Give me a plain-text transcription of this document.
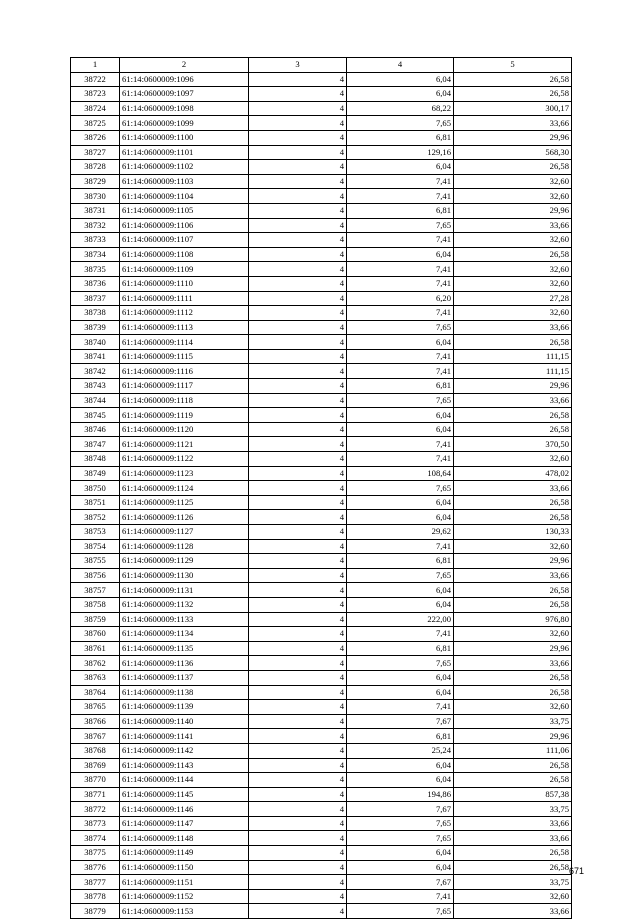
1	2	3	4	5
38722	61:14:0600009:1096	4	6,04	26,58
38723	61:14:0600009:1097	4	6,04	26,58
38724	61:14:0600009:1098	4	68,22	300,17
38725	61:14:0600009:1099	4	7,65	33,66
38726	61:14:0600009:1100	4	6,81	29,96
38727	61:14:0600009:1101	4	129,16	568,30
38728	61:14:0600009:1102	4	6,04	26,58
38729	61:14:0600009:1103	4	7,41	32,60
38730	61:14:0600009:1104	4	7,41	32,60
38731	61:14:0600009:1105	4	6,81	29,96
38732	61:14:0600009:1106	4	7,65	33,66
38733	61:14:0600009:1107	4	7,41	32,60
38734	61:14:0600009:1108	4	6,04	26,58
38735	61:14:0600009:1109	4	7,41	32,60
38736	61:14:0600009:1110	4	7,41	32,60
38737	61:14:0600009:1111	4	6,20	27,28
38738	61:14:0600009:1112	4	7,41	32,60
38739	61:14:0600009:1113	4	7,65	33,66
38740	61:14:0600009:1114	4	6,04	26,58
38741	61:14:0600009:1115	4	7,41	111,15
38742	61:14:0600009:1116	4	7,41	111,15
38743	61:14:0600009:1117	4	6,81	29,96
38744	61:14:0600009:1118	4	7,65	33,66
38745	61:14:0600009:1119	4	6,04	26,58
38746	61:14:0600009:1120	4	6,04	26,58
38747	61:14:0600009:1121	4	7,41	370,50
38748	61:14:0600009:1122	4	7,41	32,60
38749	61:14:0600009:1123	4	108,64	478,02
38750	61:14:0600009:1124	4	7,65	33,66
38751	61:14:0600009:1125	4	6,04	26,58
38752	61:14:0600009:1126	4	6,04	26,58
38753	61:14:0600009:1127	4	29,62	130,33
38754	61:14:0600009:1128	4	7,41	32,60
38755	61:14:0600009:1129	4	6,81	29,96
38756	61:14:0600009:1130	4	7,65	33,66
38757	61:14:0600009:1131	4	6,04	26,58
38758	61:14:0600009:1132	4	6,04	26,58
38759	61:14:0600009:1133	4	222,00	976,80
38760	61:14:0600009:1134	4	7,41	32,60
38761	61:14:0600009:1135	4	6,81	29,96
38762	61:14:0600009:1136	4	7,65	33,66
38763	61:14:0600009:1137	4	6,04	26,58
38764	61:14:0600009:1138	4	6,04	26,58
38765	61:14:0600009:1139	4	7,41	32,60
38766	61:14:0600009:1140	4	7,67	33,75
38767	61:14:0600009:1141	4	6,81	29,96
38768	61:14:0600009:1142	4	25,24	111,06
38769	61:14:0600009:1143	4	6,04	26,58
38770	61:14:0600009:1144	4	6,04	26,58
38771	61:14:0600009:1145	4	194,86	857,38
38772	61:14:0600009:1146	4	7,67	33,75
38773	61:14:0600009:1147	4	7,65	33,66
38774	61:14:0600009:1148	4	7,65	33,66
38775	61:14:0600009:1149	4	6,04	26,58
38776	61:14:0600009:1150	4	6,04	26,58
38777	61:14:0600009:1151	4	7,67	33,75
38778	61:14:0600009:1152	4	7,41	32,60
38779	61:14:0600009:1153	4	7,65	33,66
671
